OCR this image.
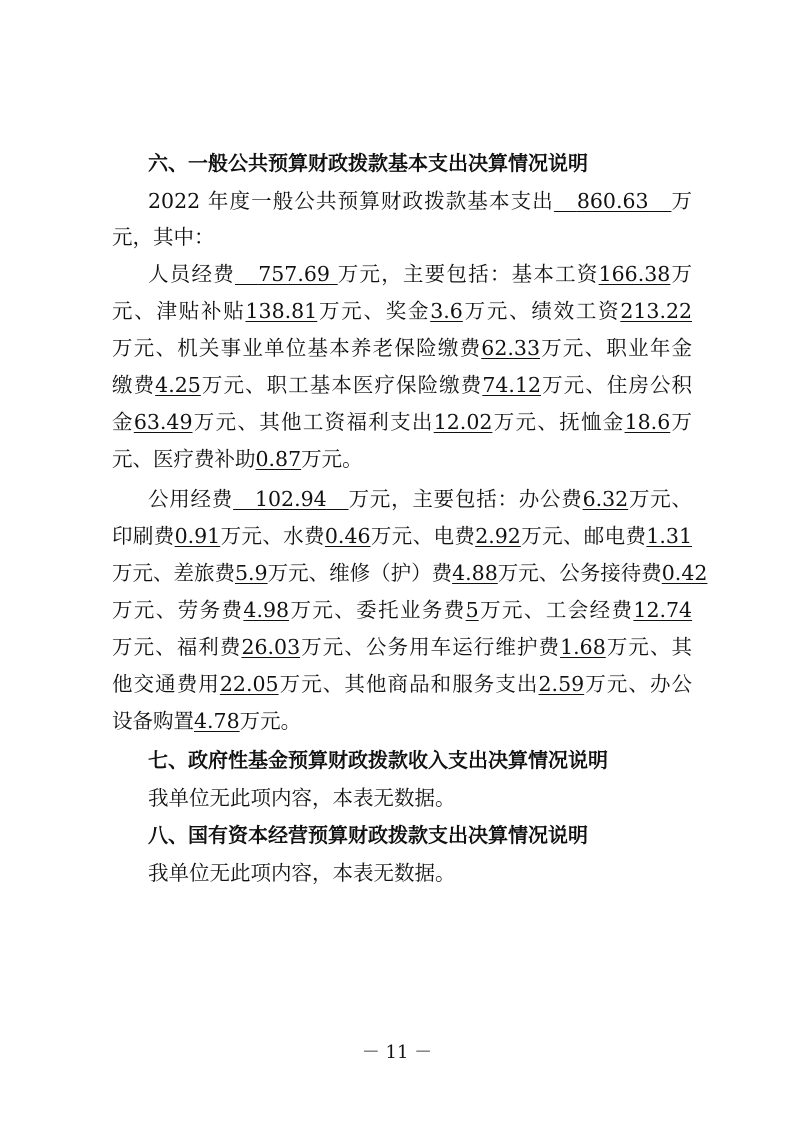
六、一般公共预算财政拨款基本支出决算情况说明
2022 年度一般公共预算财政拨款基本支出 860.63 万
元，其中：
人员经费 757.69 万元，主要包括：基本工资166.38万
元、津贴补贴138.81万元、奖金3.6万元、绩效工资213.22
万元、机关事业单位基本养老保险缴费62.33万元、职业年金
缴费4.25万元、职工基本医疗保险缴费74.12万元、住房公积
金63.49万元、其他工资福利支出12.02万元、抚恤金18.6万
元、医疗费补助0.87万元。
公用经费 102.94 万元，主要包括：办公费6.32万元、
印刷费0.91万元、水费0.46万元、电费2.92万元、邮电费1.31
万元、差旅费5.9万元、维修（护）费4.88万元、公务接待费0.42
万元、劳务费4.98万元、委托业务费5万元、工会经费12.74
万元、福利费26.03万元、公务用车运行维护费1.68万元、其
他交通费用22.05万元、其他商品和服务支出2.59万元、办公
设备购置4.78万元。
七、政府性基金预算财政拨款收入支出决算情况说明
我单位无此项内容，本表无数据。
八、国有资本经营预算财政拨款支出决算情况说明
我单位无此项内容，本表无数据。
－ 11 －
